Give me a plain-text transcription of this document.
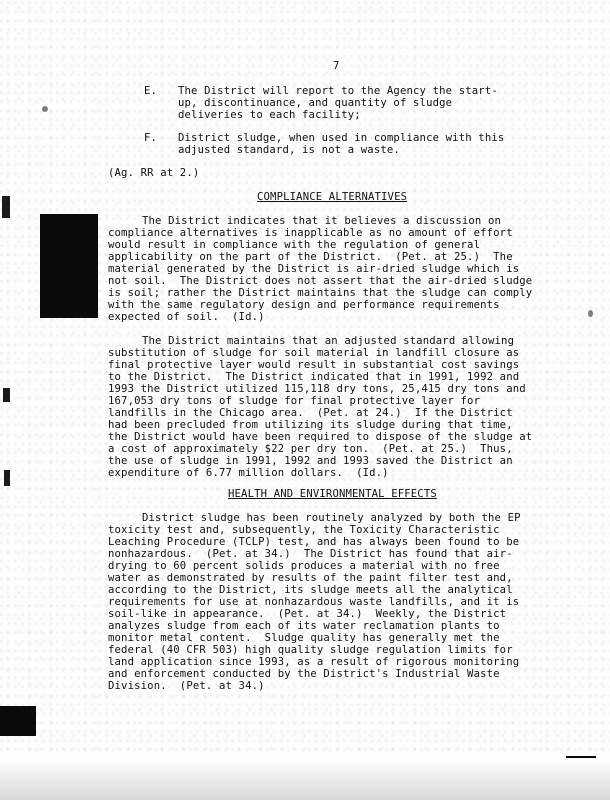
7
E. The District will report to the Agency the start-
up, discontinuance, and quantity of sludge
deliveries to each facility;
F. District sludge, when used in compliance with this
adjusted standard, is not a waste.
(Ag. RR at 2.)
COMPLIANCE ALTERNATIVES
The District indicates that it believes a discussion on
compliance alternatives is inapplicable as no amount of effort
would result in compliance with the regulation of general
applicability on the part of the District.  (Pet. at 25.)  The
material generated by the District is air-dried sludge which is
not soil.  The District does not assert that the air-dried sludge
is soil; rather the District maintains that the sludge can comply
with the same regulatory design and performance requirements
expected of soil.  (Id.)
The District maintains that an adjusted standard allowing
substitution of sludge for soil material in landfill closure as
final protective layer would result in substantial cost savings
to the District.  The District indicated that in 1991, 1992 and
1993 the District utilized 115,118 dry tons, 25,415 dry tons and
167,053 dry tons of sludge for final protective layer for
landfills in the Chicago area.  (Pet. at 24.)  If the District
had been precluded from utilizing its sludge during that time,
the District would have been required to dispose of the sludge at
a cost of approximately $22 per dry ton.  (Pet. at 25.)  Thus,
the use of sludge in 1991, 1992 and 1993 saved the District an
expenditure of 6.77 million dollars.  (Id.)
HEALTH AND ENVIRONMENTAL EFFECTS
District sludge has been routinely analyzed by both the EP
toxicity test and, subsequently, the Toxicity Characteristic
Leaching Procedure (TCLP) test, and has always been found to be
nonhazardous.  (Pet. at 34.)  The District has found that air-
drying to 60 percent solids produces a material with no free
water as demonstrated by results of the paint filter test and,
according to the District, its sludge meets all the analytical
requirements for use at nonhazardous waste landfills, and it is
soil-like in appearance.  (Pet. at 34.)  Weekly, the District
analyzes sludge from each of its water reclamation plants to
monitor metal content.  Sludge quality has generally met the
federal (40 CFR 503) high quality sludge regulation limits for
land application since 1993, as a result of rigorous monitoring
and enforcement conducted by the District's Industrial Waste
Division.  (Pet. at 34.)
